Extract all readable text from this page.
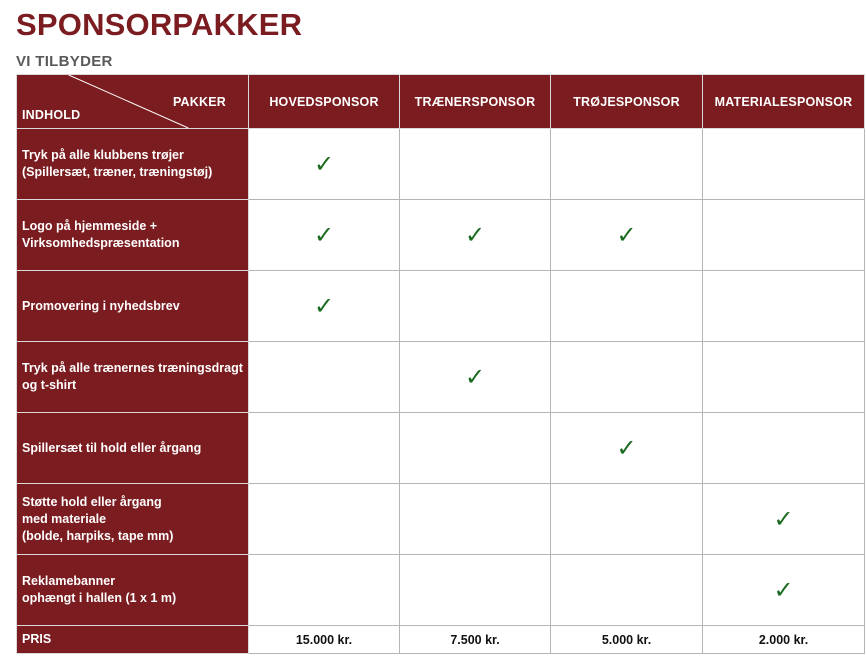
SPONSORPAKKER
VI TILBYDER
PAKKER
INDHOLD	HOVEDSPONSOR	TRÆNERSPONSOR	TRØJESPONSOR	MATERIALESPONSOR
Tryk på alle klubbens trøjer
(Spillersæt, træner, træningstøj)	✓			
Logo på hjemmeside +
Virksomhedspræsentation	✓	✓	✓	
Promovering i nyhedsbrev	✓			
Tryk på alle trænernes træningsdragt
og t-shirt		✓		
Spillersæt til hold eller årgang			✓	
Støtte hold eller årgang
med materiale
(bolde, harpiks, tape mm)				✓
Reklamebanner
ophængt i hallen (1 x 1 m)				✓
PRIS	15.000 kr.	7.500 kr.	5.000 kr.	2.000 kr.
